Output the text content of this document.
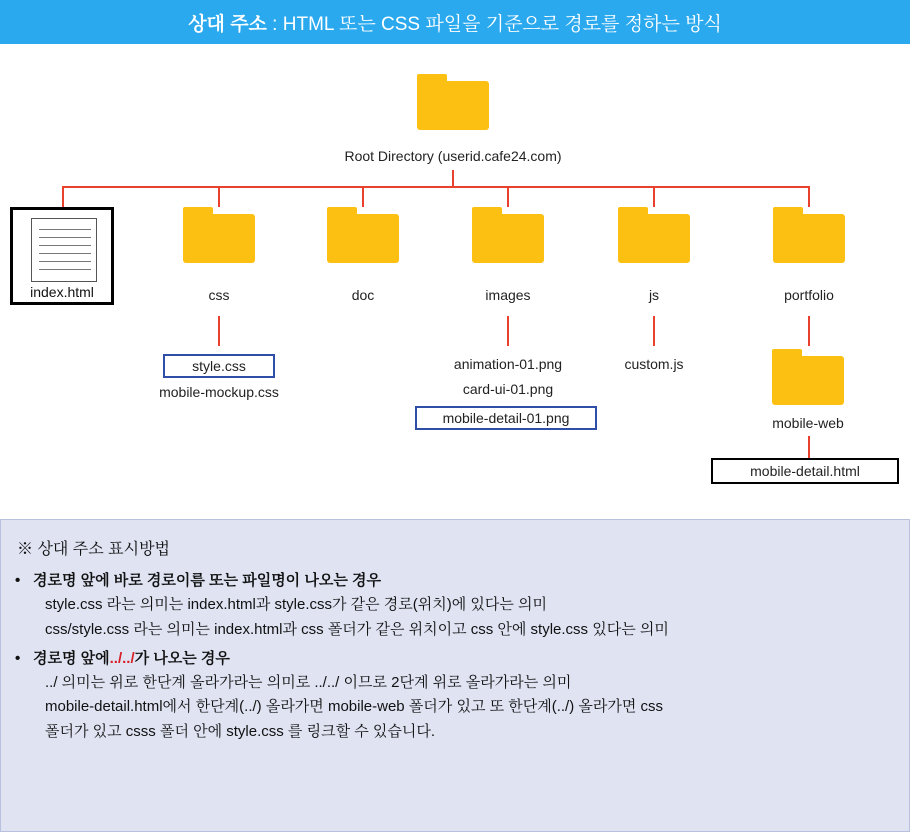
상대 주소 : HTML 또는 CSS 파일을 기준으로 경로를 정하는 방식
Root Directory (userid.cafe24.com)
index.html	css	doc	images	js	portfolio
style.css
mobile-mockup.css
animation-01.png
card-ui-01.png
mobile-detail-01.png
custom.js
mobile-web
mobile-detail.html
※ 상대 주소 표시방법
• 경로명 앞에 바로 경로이름 또는 파일명이 나오는 경우
style.css 라는 의미는 index.html과 style.css가 같은 경로(위치)에 있다는 의미
css/style.css 라는 의미는 index.html과 css 폴더가 같은 위치이고 css 안에 style.css 있다는 의미
• 경로명 앞에 ../../ 가 나오는 경우
../ 의미는 위로 한단계 올라가라는 의미로 ../../ 이므로 2단계 위로 올라가라는 의미
mobile-detail.html에서 한단계(../) 올라가면 mobile-web 폴더가 있고 또 한단계(../) 올라가면 css
폴더가 있고 csss 폴더 안에 style.css 를 링크할 수 있습니다.
